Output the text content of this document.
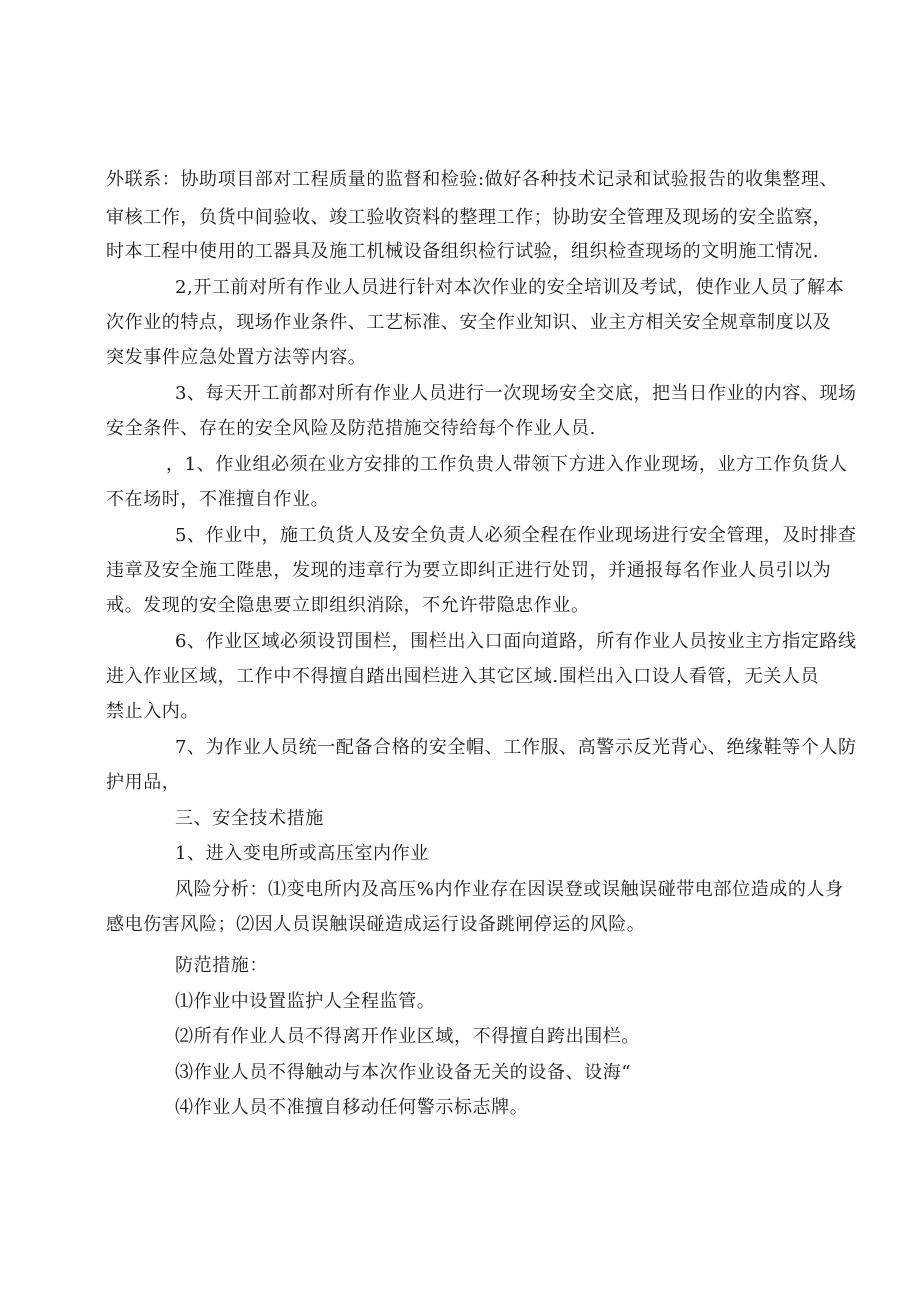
外联系：协助项目部对工程质量的监督和检验:做好各种技术记录和试验报告的收集整理、
审核工作，负货中间验收、竣工验收资料的整理工作；协助安全管理及现场的安全监察，
时本工程中使用的工器具及施工机械设备组织检行试验，组织检查现场的文明施工情况.
2,开工前对所有作业人员进行针对本次作业的安全培训及考试，使作业人员了解本
次作业的特点，现场作业条件、工艺标准、安全作业知识、业主方相关安全规章制度以及
突发事件应急处置方法等内容。
3、每天开工前都对所有作业人员进行一次现场安全交底，把当日作业的内容、现场
安全条件、存在的安全风险及防范措施交待给每个作业人员.
，1、作业组必须在业方安排的工作负贵人带领下方进入作业现场，业方工作负货人
不在场时，不准擅自作业。
5、作业中，施工负货人及安全负责人必须全程在作业现场进行安全管理，及时排查
违章及安全施工陛患，发现的违章行为要立即纠正进行处罚，并通报每名作业人员引以为
戒。发现的安全隐患要立即组织消除，不允许带隐忠作业。
6、作业区域必须设罚围栏，围栏出入口面向道路，所有作业人员按业主方指定路线
进入作业区域，工作中不得擅自踏出囤栏进入其它区域.围栏出入口设人看管，无关人员
禁止入内。
7、为作业人员统一配备合格的安全帽、工作服、高警示反光背心、绝缘鞋等个人防
护用品，
三、安全技术措施
1、进入变电所或高压室内作业
风险分析：⑴变电所内及高压%内作业存在因误登或误触误碰带电部位造成的人身
感电伤害风险；⑵因人员误触误碰造成运行设备跳闸停运的风险。
防范措施：
⑴作业中设置监护人全程监管。
⑵所有作业人员不得离开作业区域，不得擅自跨出围栏。
⑶作业人员不得触动与本次作业设备无关的设备、设海“
⑷作业人员不准擅自移动任何警示标志牌。
